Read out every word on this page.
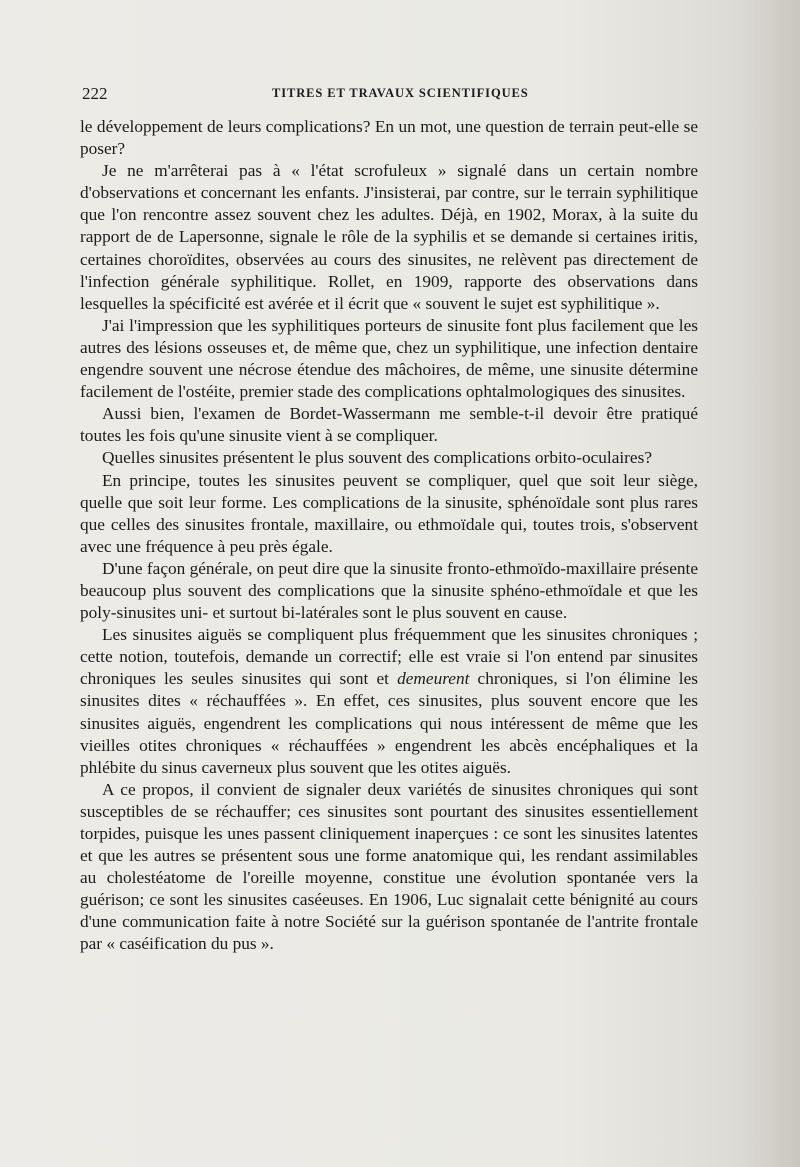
222	TITRES ET TRAVAUX SCIENTIFIQUES

le développement de leurs complications? En un mot, une question de terrain peut-elle se poser?

Je ne m'arrêterai pas à « l'état scrofuleux » signalé dans un certain nombre d'observations et concernant les enfants. J'insisterai, par contre, sur le terrain syphilitique que l'on rencontre assez souvent chez les adultes. Déjà, en 1902, Morax, à la suite du rapport de de Lapersonne, signale le rôle de la syphilis et se demande si certaines iritis, certaines choroïdites, observées au cours des sinusites, ne relèvent pas directement de l'infection générale syphilitique. Rollet, en 1909, rapporte des observations dans lesquelles la spécificité est avérée et il écrit que « souvent le sujet est syphilitique ».

J'ai l'impression que les syphilitiques porteurs de sinusite font plus facilement que les autres des lésions osseuses et, de même que, chez un syphilitique, une infection dentaire engendre souvent une nécrose étendue des mâchoires, de même, une sinusite détermine facilement de l'ostéite, premier stade des complications ophtalmologiques des sinusites.

Aussi bien, l'examen de Bordet-Wassermann me semble-t-il devoir être pratiqué toutes les fois qu'une sinusite vient à se compliquer.

Quelles sinusites présentent le plus souvent des complications orbito-oculaires?

En principe, toutes les sinusites peuvent se compliquer, quel que soit leur siège, quelle que soit leur forme. Les complications de la sinusite, sphénoïdale sont plus rares que celles des sinusites frontale, maxillaire, ou ethmoïdale qui, toutes trois, s'observent avec une fréquence à peu près égale.

D'une façon générale, on peut dire que la sinusite fronto-ethmoïdo-maxillaire présente beaucoup plus souvent des complications que la sinusite sphéno-ethmoïdale et que les poly-sinusites uni- et surtout bi-latérales sont le plus souvent en cause.

Les sinusites aiguës se compliquent plus fréquemment que les sinusites chroniques ; cette notion, toutefois, demande un correctif; elle est vraie si l'on entend par sinusites chroniques les seules sinusites qui sont et demeurent chroniques, si l'on élimine les sinusites dites « réchauffées ». En effet, ces sinusites, plus souvent encore que les sinusites aiguës, engendrent les complications qui nous intéressent de même que les vieilles otites chroniques « réchauffées » engendrent les abcès encéphaliques et la phlébite du sinus caverneux plus souvent que les otites aiguës.

A ce propos, il convient de signaler deux variétés de sinusites chroniques qui sont susceptibles de se réchauffer; ces sinusites sont pourtant des sinusites essentiellement torpides, puisque les unes passent cliniquement inaperçues : ce sont les sinusites latentes et que les autres se présentent sous une forme anatomique qui, les rendant assimilables au cholestéatome de l'oreille moyenne, constitue une évolution spontanée vers la guérison; ce sont les sinusites caséeuses. En 1906, Luc signalait cette bénignité au cours d'une communication faite à notre Société sur la guérison spontanée de l'antrite frontale par « caséification du pus ».
